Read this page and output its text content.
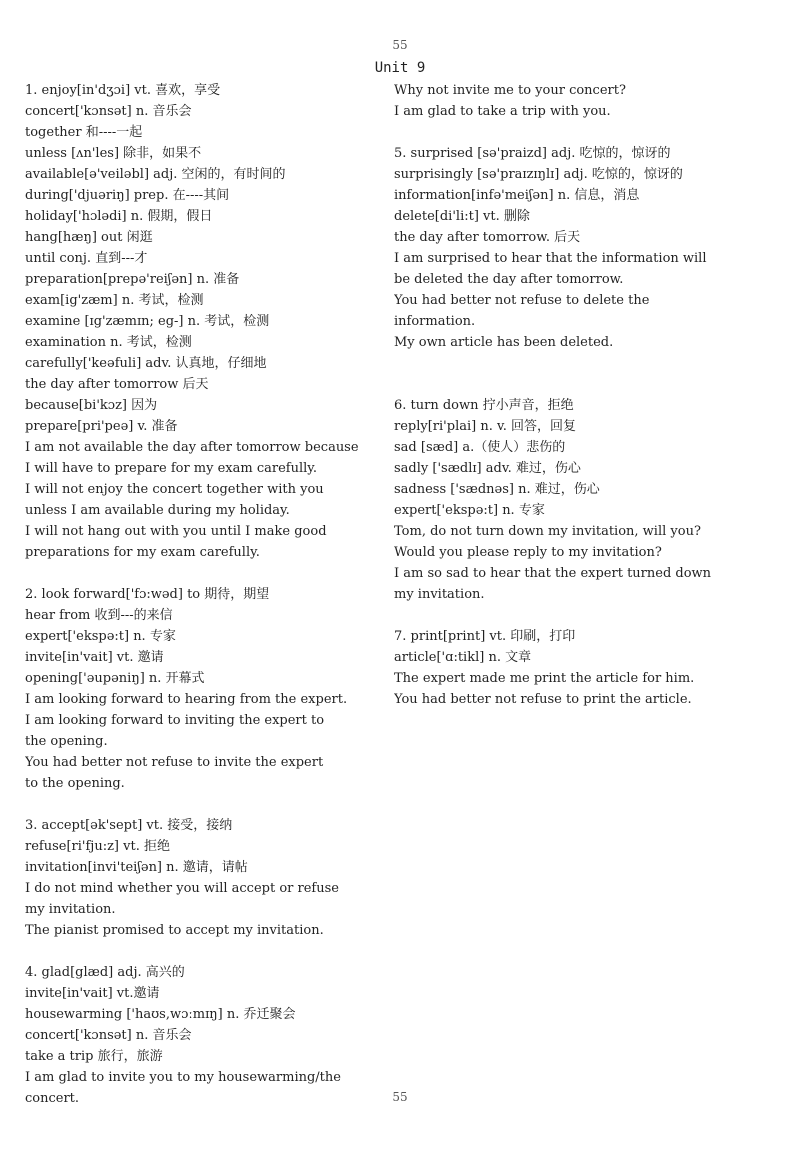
55
Unit 9
1. enjoy[in'dʒɔi] vt. 喜欢，享受
concert['kɔnsət] n. 音乐会
together 和----一起
unless [ʌn'les] 除非，如果不
available[ə'veiləbl] adj. 空闲的，有时间的
during['djuəriŋ] prep. 在----其间
holiday['hɔlədi] n. 假期，假日
hang[hæŋ] out 闲逛
until conj. 直到---才
preparation[prepə'reiʃən] n. 准备
exam[ig'zæm] n. 考试，检测
examine [ɪg'zæmɪn; eg-] n. 考试，检测
examination n. 考试，检测
carefully['keəfuli] adv. 认真地，仔细地
the day after tomorrow 后天
because[bi'kɔz] 因为
prepare[pri'peə] v. 准备
I am not available the day after tomorrow because
I will have to prepare for my exam carefully.
I will not enjoy the concert together with you
unless I am available during my holiday.
I will not hang out with you until I make good
preparations for my exam carefully.
2. look forward['fɔ:wəd] to 期待，期望
hear from 收到---的来信
expert['ekspə:t] n. 专家
invite[in'vait] vt. 邀请
opening['əupəniŋ] n. 开幕式
I am looking forward to hearing from the expert.
I am looking forward to inviting the expert to
the opening.
You had better not refuse to invite the expert
to the opening.
3. accept[ək'sept] vt. 接受，接纳
refuse[ri'fju:z] vt. 拒绝
invitation[invi'teiʃən] n. 邀请，请帖
I do not mind whether you will accept or refuse
my invitation.
The pianist promised to accept my invitation.
4. glad[glæd] adj. 高兴的
invite[in'vait] vt.邀请
housewarming ['haʊs,wɔːmɪŋ] n. 乔迁聚会
concert['kɔnsət] n. 音乐会
take a trip 旅行，旅游
I am glad to invite you to my housewarming/the
concert.
Why not invite me to your concert?
I am glad to take a trip with you.
5. surprised [sə'praizd] adj. 吃惊的，惊讶的
surprisingly [sə'praɪzɪŋlɪ] adj. 吃惊的，惊讶的
information[infə'meiʃən] n. 信息，消息
delete[di'li:t] vt. 删除
the day after tomorrow. 后天
I am surprised to hear that the information will
be deleted the day after tomorrow.
You had better not refuse to delete the
information.
My own article has been deleted.
6. turn down 拧小声音，拒绝
reply[ri'plai] n. v. 回答，回复
sad [sæd] a.（使人）悲伤的
sadly ['sædlɪ] adv. 难过，伤心
sadness ['sædnəs] n. 难过，伤心
expert['ekspə:t] n. 专家
Tom, do not turn down my invitation, will you?
Would you please reply to my invitation?
I am so sad to hear that the expert turned down
my invitation.
7. print[print] vt. 印刷，打印
article['ɑ:tikl] n. 文章
The expert made me print the article for him.
You had better not refuse to print the article.
55
